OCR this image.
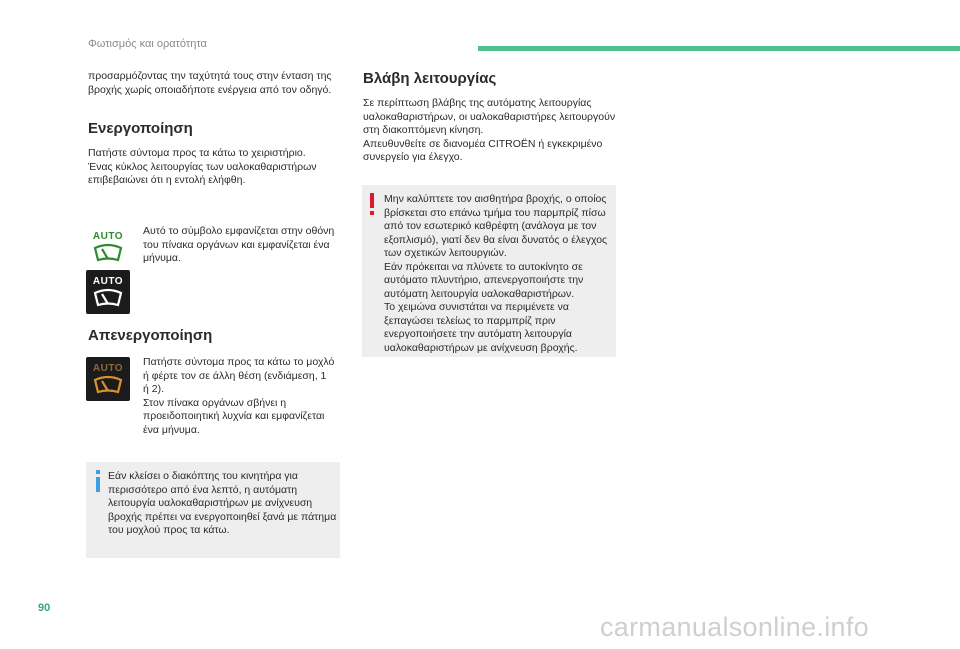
Φωτισμός και ορατότητα

προσαρμόζοντας την ταχύτητά τους στην ένταση της

βροχής χωρίς οποιαδήποτε ενέργεια από τον οδηγό.

Ενεργοποίηση

Πατήστε σύντομα προς τα κάτω το χειριστήριο.

Ένας κύκλος λειτουργίας των υαλοκαθαριστήρων

επιβεβαιώνει ότι η εντολή ελήφθη.

AUTO
AUTO

Αυτό το σύμβολο εμφανίζεται στην οθόνη

του πίνακα οργάνων και εμφανίζεται ένα

μήνυμα.

Απενεργοποίηση
AUTO Πατήστε σύντομα προς τα κάτω το μοχλό

ή φέρτε τον σε άλλη θέση (ενδιάμεση, 1

ή 2).

Στον πίνακα οργάνων σβήνει η

προειδοποιητική λυχνία και εμφανίζεται

ένα μήνυμα.

Εάν κλείσει ο διακόπτης του κινητήρα για

περισσότερο από ένα λεπτό, η αυτόματη

λειτουργία υαλοκαθαριστήρων με ανίχνευση

βροχής πρέπει να ενεργοποιηθεί ξανά με πάτημα

του μοχλού προς τα κάτω.

Βλάβη λειτουργίας

Σε περίπτωση βλάβης της αυτόματης λειτουργίας

υαλοκαθαριστήρων, οι υαλοκαθαριστήρες λειτουργούν

στη διακοπτόμενη κίνηση.

Απευθυνθείτε σε διανομέα CITROËN ή εγκεκριμένο

συνεργείο για έλεγχο.

Μην καλύπτετε τον αισθητήρα βροχής, ο οποίος

βρίσκεται στο επάνω τμήμα του παρμπρίζ πίσω

από τον εσωτερικό καθρέφτη (ανάλογα με τον

εξοπλισμό), γιατί δεν θα είναι δυνατός ο έλεγχος

των σχετικών λειτουργιών.

Εάν πρόκειται να πλύνετε το αυτοκίνητο σε

αυτόματο πλυντήριο, απενεργοποιήστε την

αυτόματη λειτουργία υαλοκαθαριστήρων.

Το χειμώνα συνιστάται να περιμένετε να

ξεπαγώσει τελείως το παρμπρίζ πριν

ενεργοποιήσετε την αυτόματη λειτουργία

υαλοκαθαριστήρων με ανίχνευση βροχής.

90
carmanualsonline.info
